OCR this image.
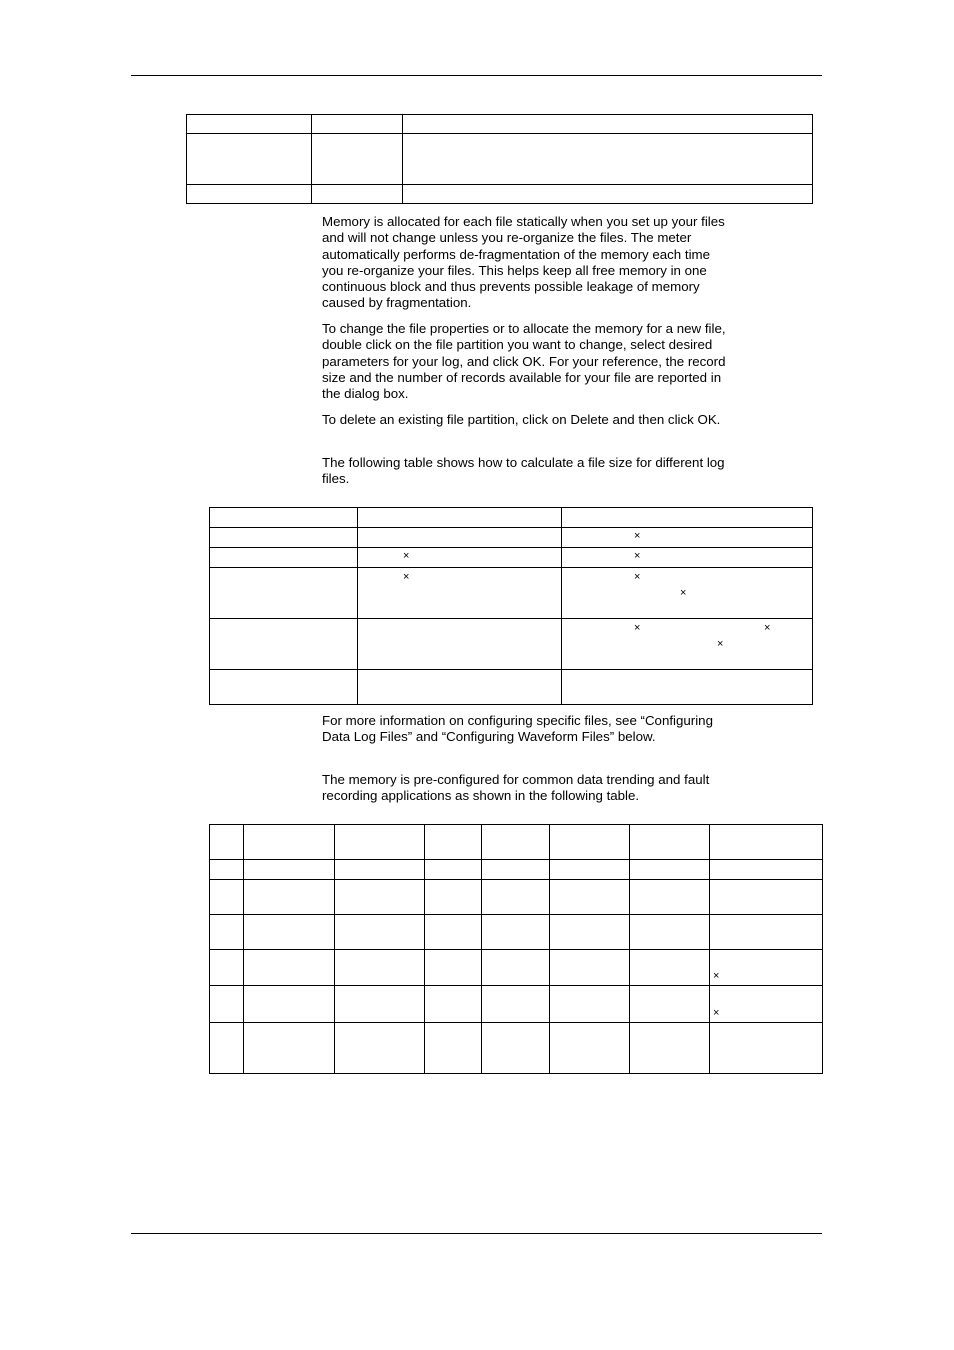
Memory is allocated for each file statically when you set up your files and will not change unless you re-organize the files. The meter automatically performs de-fragmentation of the memory each time you re-organize your files. This helps keep all free memory in one continuous block and thus prevents possible leakage of memory caused by fragmentation.

To change the file properties or to allocate the memory for a new file, double click on the file partition you want to change, select desired parameters for your log, and click OK. For your reference, the record size and the number of records available for your file are reported in the dialog box.

To delete an existing file partition, click on Delete and then click OK.

The following table shows how to calculate a file size for different log files.

		×

	×	×

	×	×
×

		× ×
×

For more information on configuring specific files, see “Configuring Data Log Files” and “Configuring Waveform Files” below.

The memory is pre-configured for common data trending and fault recording applications as shown in the following table.

							×

							×
